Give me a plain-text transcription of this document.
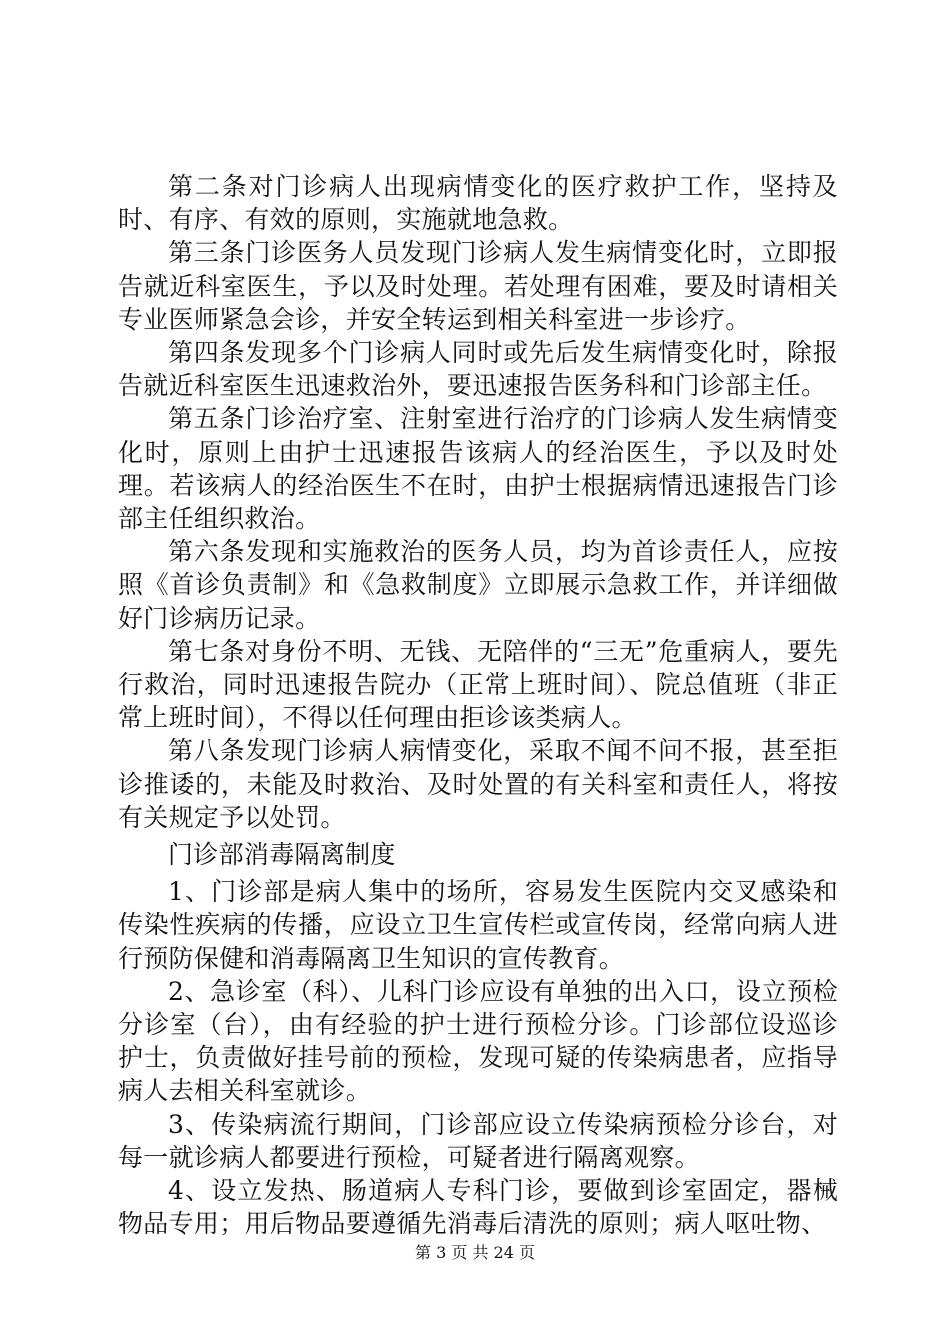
第二条对门诊病人出现病情变化的医疗救护工作，坚持及时、有序、有效的原则，实施就地急救。

第三条门诊医务人员发现门诊病人发生病情变化时，立即报告就近科室医生，予以及时处理。若处理有困难，要及时请相关专业医师紧急会诊，并安全转运到相关科室进一步诊疗。

第四条发现多个门诊病人同时或先后发生病情变化时，除报告就近科室医生迅速救治外，要迅速报告医务科和门诊部主任。

第五条门诊治疗室、注射室进行治疗的门诊病人发生病情变化时，原则上由护士迅速报告该病人的经治医生，予以及时处理。若该病人的经治医生不在时，由护士根据病情迅速报告门诊部主任组织救治。

第六条发现和实施救治的医务人员，均为首诊责任人，应按照《首诊负责制》和《急救制度》立即展示急救工作，并详细做好门诊病历记录。

第七条对身份不明、无钱、无陪伴的“三无”危重病人，要先行救治，同时迅速报告院办（正常上班时间）、院总值班（非正常上班时间），不得以任何理由拒诊该类病人。

第八条发现门诊病人病情变化，采取不闻不问不报，甚至拒诊推诿的，未能及时救治、及时处置的有关科室和责任人，将按有关规定予以处罚。

门诊部消毒隔离制度

1、门诊部是病人集中的场所，容易发生医院内交叉感染和传染性疾病的传播，应设立卫生宣传栏或宣传岗，经常向病人进行预防保健和消毒隔离卫生知识的宣传教育。

2、急诊室（科）、儿科门诊应设有单独的出入口，设立预检分诊室（台），由有经验的护士进行预检分诊。门诊部位设巡诊护士，负责做好挂号前的预检，发现可疑的传染病患者，应指导病人去相关科室就诊。

3、传染病流行期间，门诊部应设立传染病预检分诊台，对每一就诊病人都要进行预检，可疑者进行隔离观察。

4、设立发热、肠道病人专科门诊，要做到诊室固定，器械物品专用；用后物品要遵循先消毒后清洗的原则；病人呕吐物、

第 3 页 共 24 页
